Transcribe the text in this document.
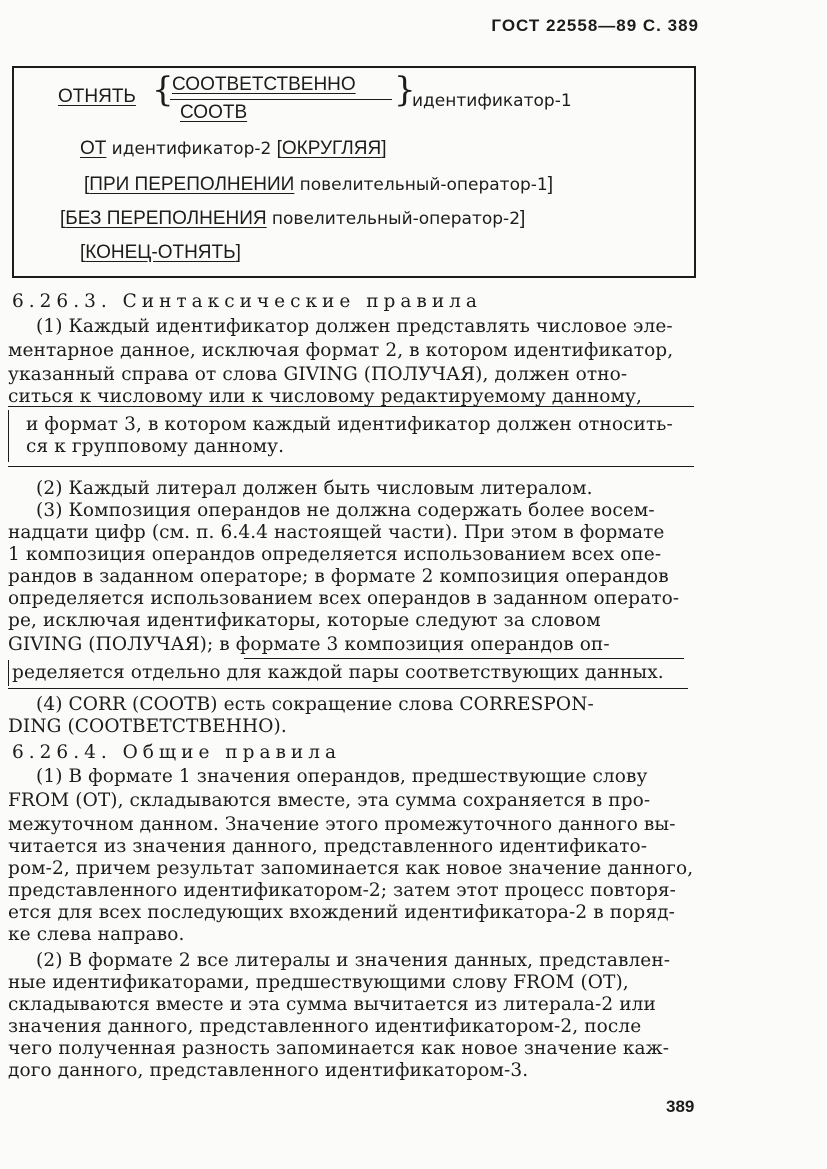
ГОСТ 22558—89 С. 389
ОТНЯТЬ {
СООТВЕТСТВЕННО
СООТВ
}
идентификатор-1
ОТ идентификатор-2 [ОКРУГЛЯЯ]
[ПРИ ПЕРЕПОЛНЕНИИ повелительный-оператор-1]
[БЕЗ ПЕРЕПОЛНЕНИЯ повелительный-оператор-2]
[КОНЕЦ-ОТНЯТЬ]
6.26.3. Синтаксические правила
(1) Каждый идентификатор должен представлять числовое эле-
ментарное данное, исключая формат 2, в котором идентификатор,
указанный справа от слова GIVING (ПОЛУЧАЯ), должен отно-
ситься к числовому или к числовому редактируемому данному,
и формат 3, в котором каждый идентификатор должен относить-
ся к групповому данному.
(2) Каждый литерал должен быть числовым литералом.
(3) Композиция операндов не должна содержать более восем-
надцати цифр (см. п. 6.4.4 настоящей части). При этом в формате
1 композиция операндов определяется использованием всех опе-
рандов в заданном операторе; в формате 2 композиция операндов
определяется использованием всех операндов в заданном операто-
ре, исключая идентификаторы, которые следуют за словом
GIVING (ПОЛУЧАЯ); в формате 3 композиция операндов оп-
ределяется отдельно для каждой пары соответствующих данных.
(4) CORR (СООТВ) есть сокращение слова CORRESPON-
DING (СООТВЕТСТВЕННО).
6.26.4. Общие правила
(1) В формате 1 значения операндов, предшествующие слову
FROM (ОТ), складываются вместе, эта сумма сохраняется в про-
межуточном данном. Значение этого промежуточного данного вы-
читается из значения данного, представленного идентификато-
ром-2, причем результат запоминается как новое значение данного,
представленного идентификатором-2; затем этот процесс повторя-
ется для всех последующих вхождений идентификатора-2 в поряд-
ке слева направо.
(2) В формате 2 все литералы и значения данных, представлен-
ные идентификаторами, предшествующими слову FROM (ОТ),
складываются вместе и эта сумма вычитается из литерала-2 или
значения данного, представленного идентификатором-2, после
чего полученная разность запоминается как новое значение каж-
дого данного, представленного идентификатором-3.
389
